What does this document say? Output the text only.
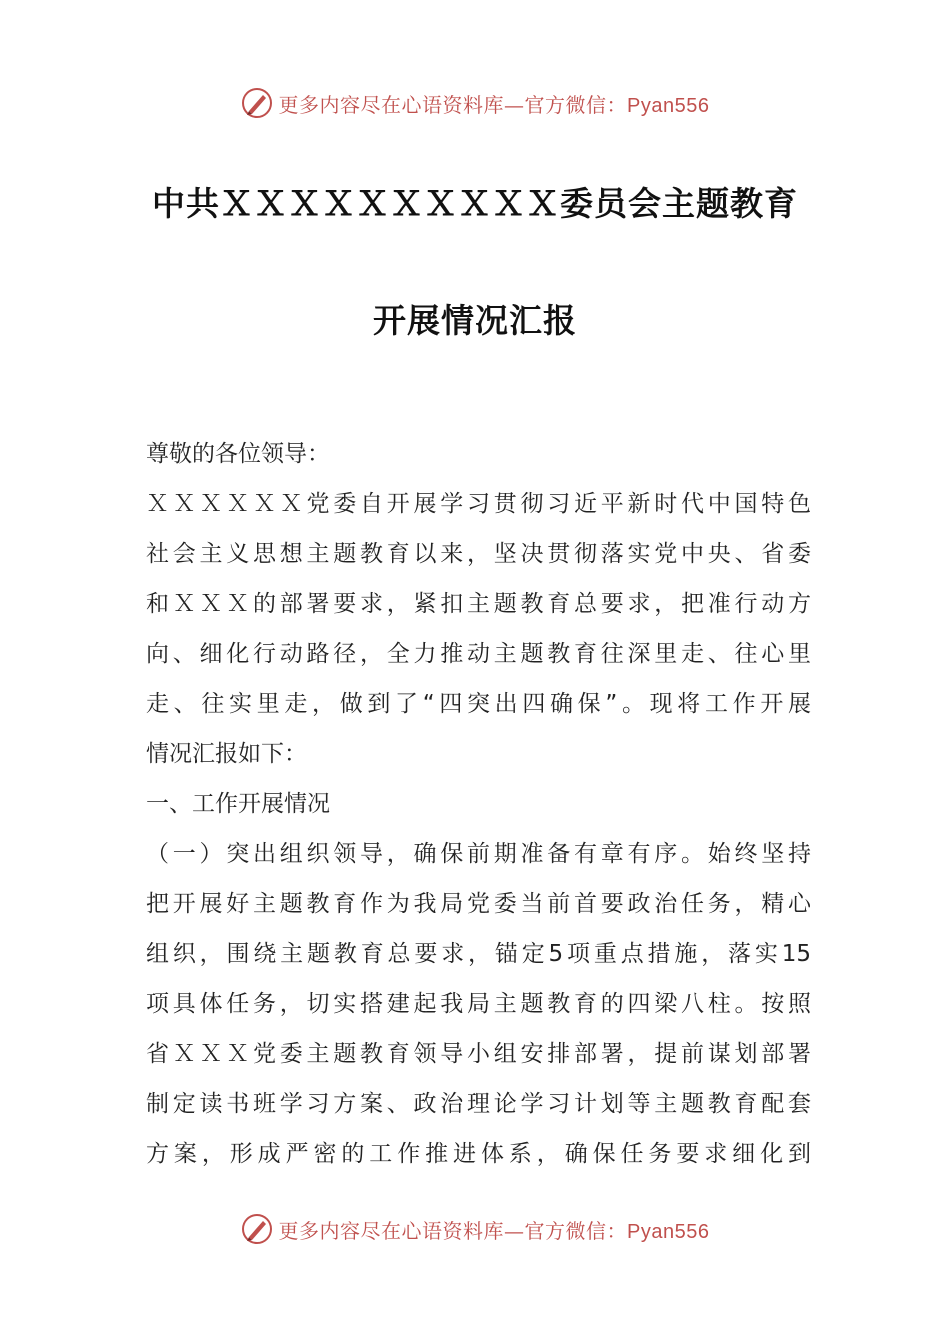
更多内容尽在心语资料库— 官方微信：Pyan556
中共ＸＸＸＸＸＸＸＸＸＸ委员会主题教育
开展情况汇报
尊敬的各位领导：
ＸＸＸＸＸＸ党委自开展学习贯彻习近平新时代中国特色
社会主义思想主题教育以来，坚决贯彻落实党中央、省委
和ＸＸＸ的部署要求，紧扣主题教育总要求，把准行动方
向、细化行动路径，全力推动主题教育往深里走、往心里
走、往实里走，做到了“四突出四确保”。现将工作开展
情况汇报如下：
一、工作开展情况
（一）突出组织领导，确保前期准备有章有序。始终坚持
把开展好主题教育作为我局党委当前首要政治任务，精心
组织，围绕主题教育总要求，锚定5项重点措施，落实15
项具体任务，切实搭建起我局主题教育的四梁八柱。按照
省ＸＸＸ党委主题教育领导小组安排部署，提前谋划部署
制定读书班学习方案、政治理论学习计划等主题教育配套
方案，形成严密的工作推进体系，确保任务要求细化到
更多内容尽在心语资料库— 官方微信：Pyan556
